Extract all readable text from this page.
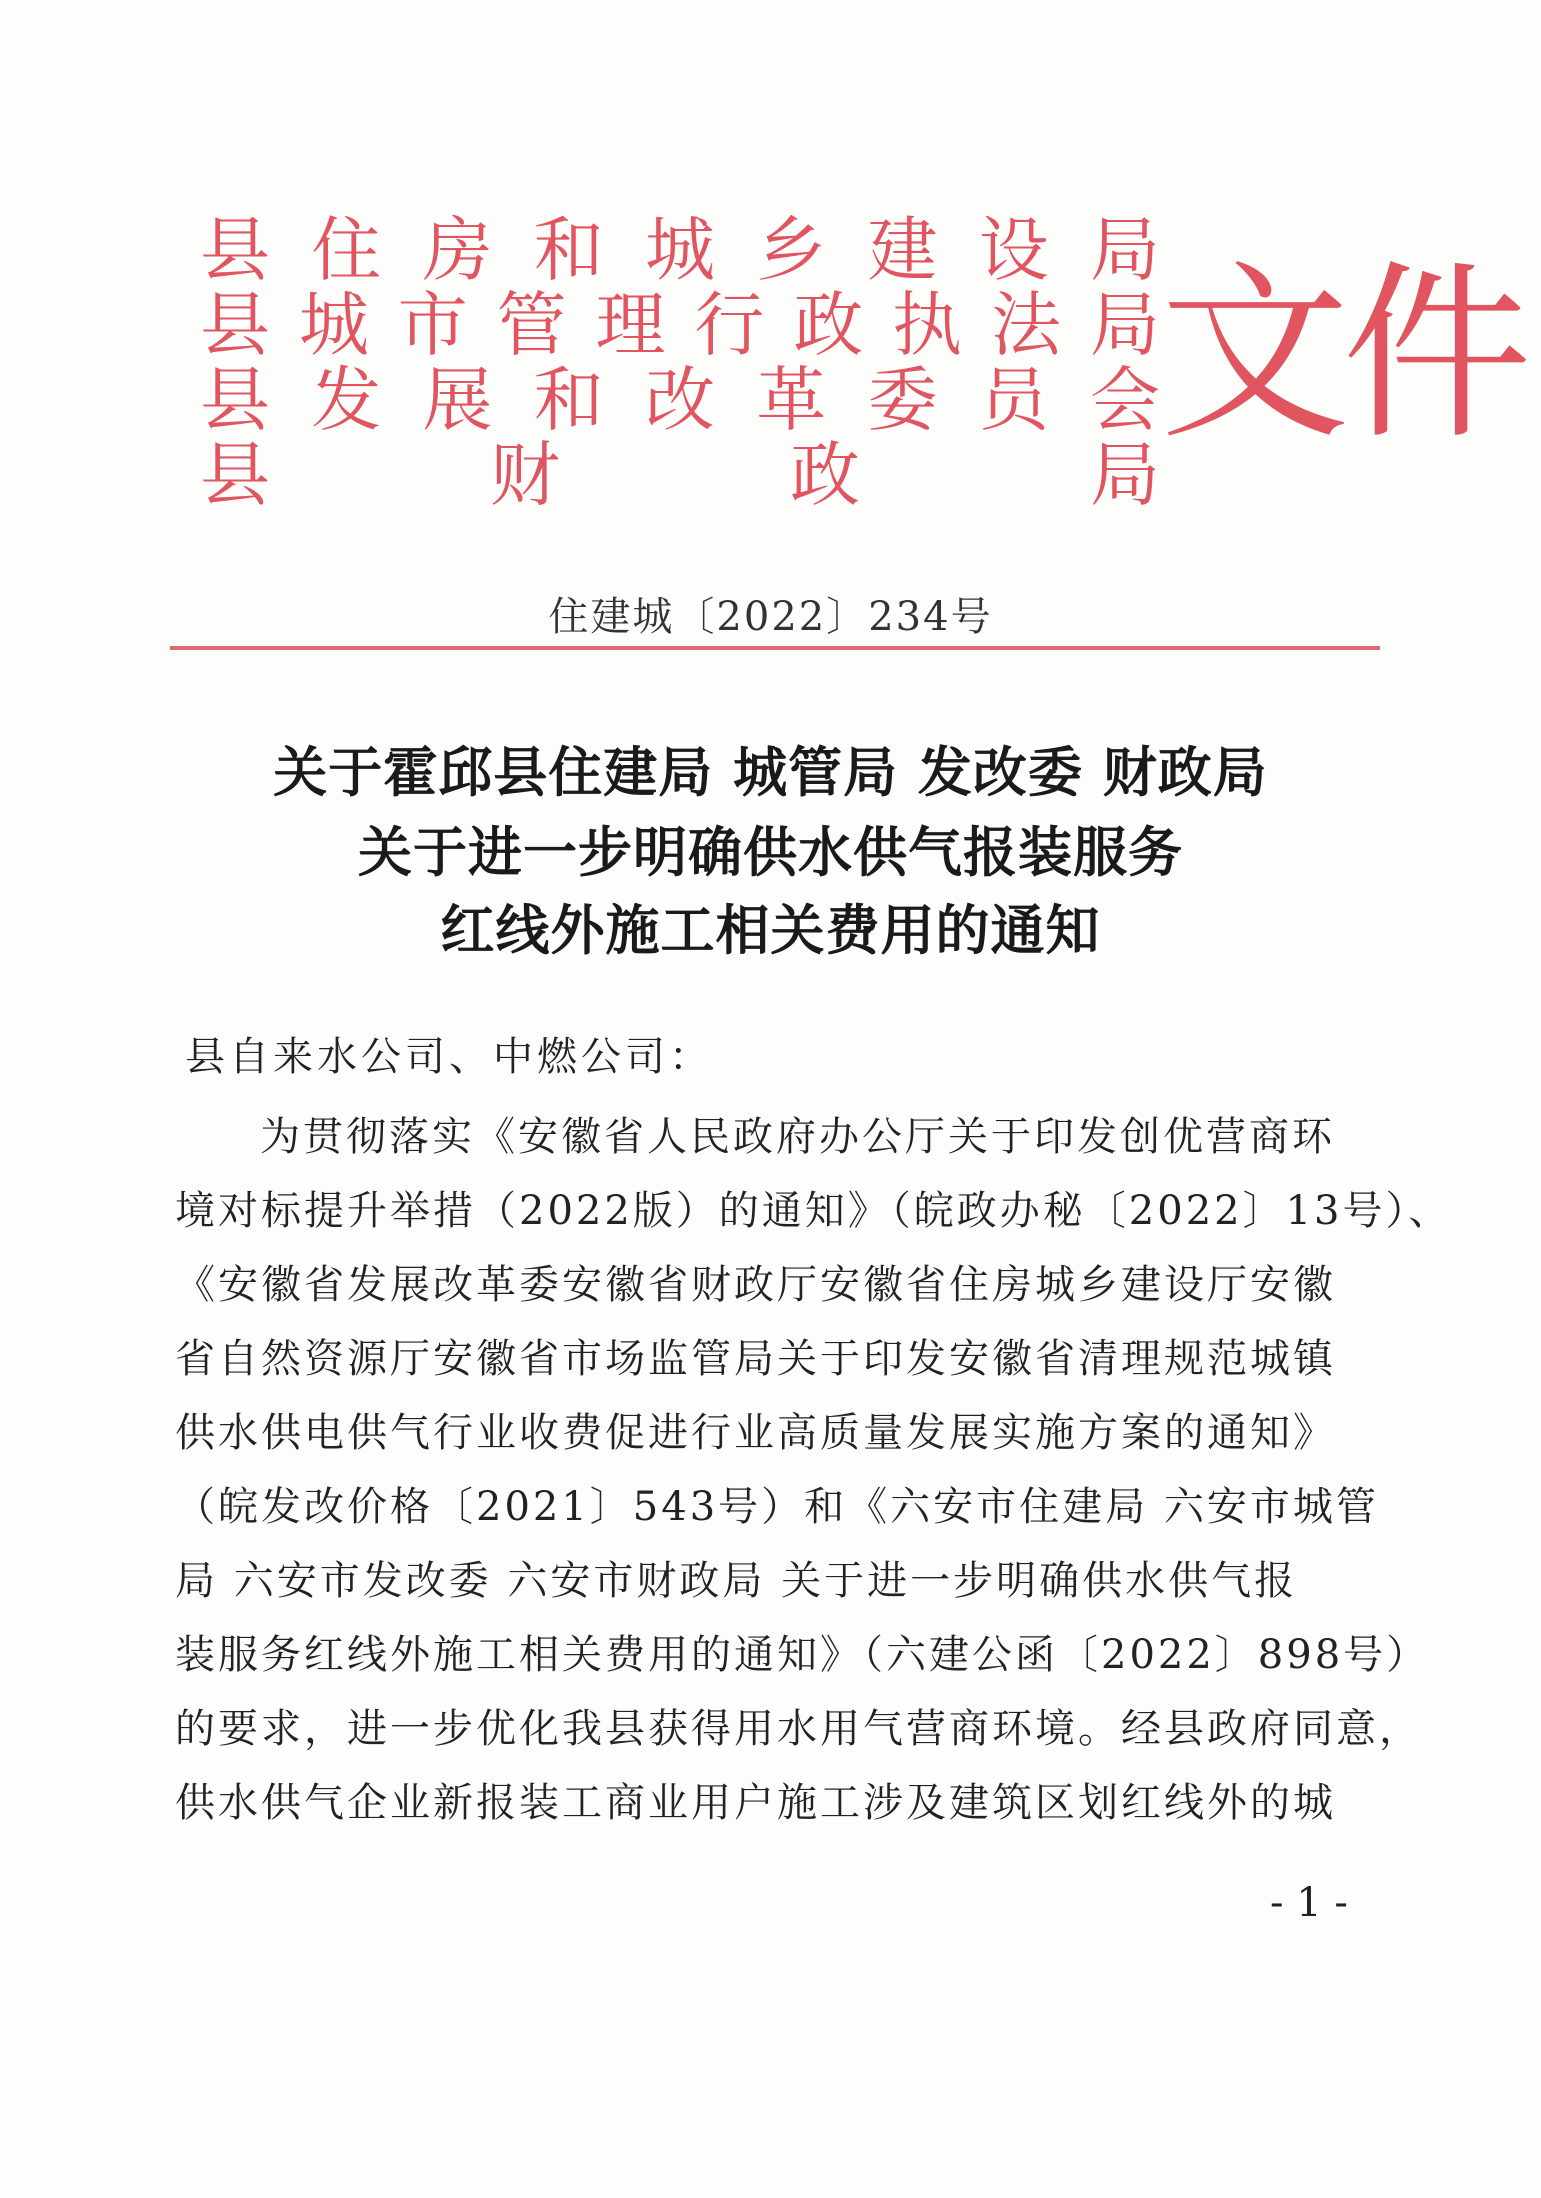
县 住 房 和 城 乡 建 设 局
县 城 市 管 理 行 政 执 法 局
县 发 展 和 改 革 委 员 会
县	财	政	局
文件
住建城〔2022〕234号
关于霍邱县住建局 城管局 发改委 财政局
关于进一步明确供水供气报装服务
红线外施工相关费用的通知
县自来水公司、中燃公司：
为贯彻落实《安徽省人民政府办公厅关于印发创优营商环
境对标提升举措（2022版）的通知》（皖政办秘〔2022〕13号）、
《安徽省发展改革委安徽省财政厅安徽省住房城乡建设厅安徽
省自然资源厅安徽省市场监管局关于印发安徽省清理规范城镇
供水供电供气行业收费促进行业高质量发展实施方案的通知》
（皖发改价格〔2021〕543号）和《六安市住建局 六安市城管
局 六安市发改委 六安市财政局 关于进一步明确供水供气报
装服务红线外施工相关费用的通知》（六建公函〔2022〕898号）
的要求，进一步优化我县获得用水用气营商环境。经县政府同意，
供水供气企业新报装工商业用户施工涉及建筑区划红线外的城
- 1 -
